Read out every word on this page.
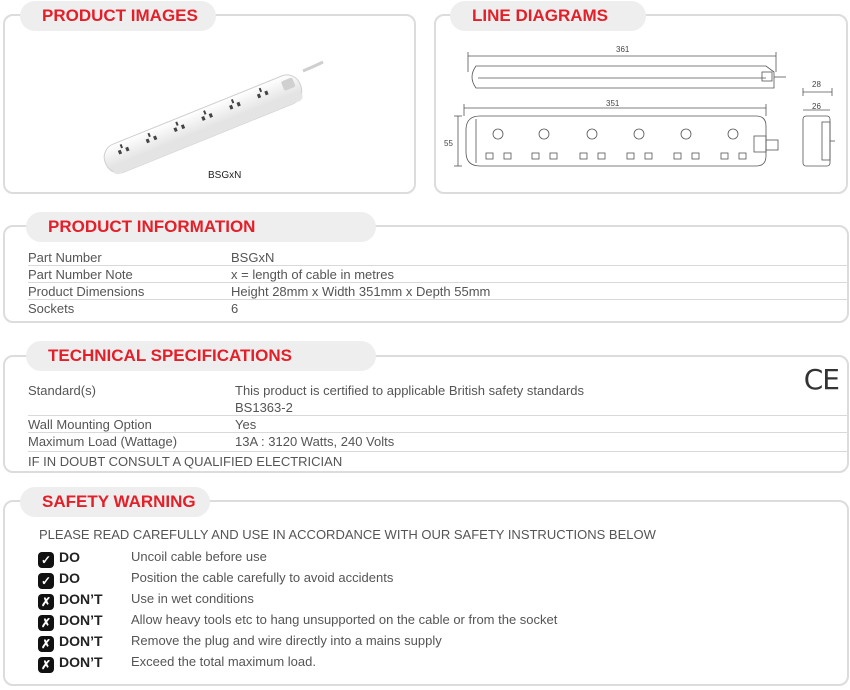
BSGxN
PRODUCT IMAGES
361
351
55
28
26
LINE DIAGRAMS
Part Number	BSGxN
Part Number Note	x = length of cable in metres
Product Dimensions	Height 28mm x Width 351mm x Depth 55mm
Sockets	6
PRODUCT INFORMATION
Standard(s)	This product is certified to applicable British safety standards
BS1363-2
Wall Mounting Option	Yes
Maximum Load (Wattage)	13A : 3120 Watts, 240 Volts
IF IN DOUBT CONSULT A QUALIFIED ELECTRICIAN
CE
TECHNICAL SPECIFICATIONS
PLEASE READ CAREFULLY AND USE IN ACCORDANCE WITH OUR SAFETY INSTRUCTIONS BELOW
SAFETY WARNING
✓ DO	Uncoil cable before use
✓ DO	Position the cable carefully to avoid accidents
✗ DON’T Use in wet conditions
✗ DON’T Allow heavy tools etc to hang unsupported on the cable or from the socket
✗ DON’T Remove the plug and wire directly into a mains supply
✗ DON’T Exceed the total maximum load.
